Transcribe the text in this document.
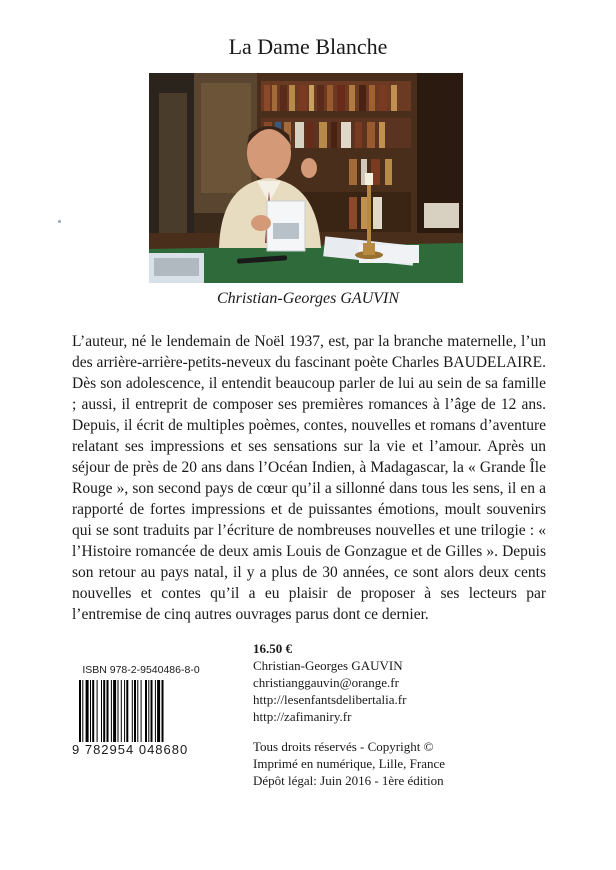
La Dame Blanche
Christian-Georges GAUVIN

L’auteur, né le lendemain de Noël 1937, est, par la branche maternelle, l’un des arrière-arrière-petits-neveux du fascinant poète Charles BAUDELAIRE. Dès son adolescence, il entendit beaucoup parler de lui au sein de sa famille ; aussi, il entreprit de composer ses premières romances à l’âge de 12 ans. Depuis, il écrit de multiples poèmes, contes, nouvelles et romans d’aventure relatant ses impressions et ses sensations sur la vie et l’amour. Après un séjour de près de 20 ans dans l’Océan Indien, à Madagascar, la « Grande Île Rouge », son second pays de cœur qu’il a sillonné dans tous les sens, il en a rapporté de fortes impressions et de puissantes émotions, moult souvenirs qui se sont traduits par l’écriture de nombreuses nouvelles et une trilogie : « l’Histoire romancée de deux amis Louis de Gonzague et de Gilles ». Depuis son retour au pays natal, il y a plus de 30 années, ce sont alors deux cents nouvelles et contes qu’il a eu plaisir de proposer à ses lecteurs par l’entremise de cinq autres ouvrages parus dont ce dernier.

ISBN 978-2-9540486-8-0
9 782954 048680
16.50 €
Christian-Georges GAUVIN
christianggauvin@orange.fr
http://lesenfantsdelibertalia.fr
http://zafimaniry.fr
Tous droits réservés - Copyright ©
Imprimé en numérique, Lille, France
Dépôt légal: Juin 2016 - 1ère édition
